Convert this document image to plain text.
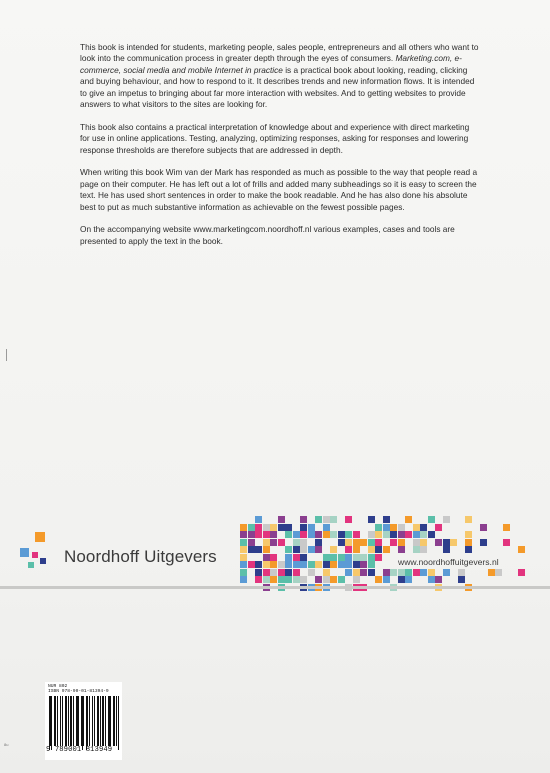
This book is intended for students, marketing people, sales people, entrepreneurs and all others who want to look into the communication process in greater depth through the eyes of consumers. Marketing.com, e-commerce, social media and mobile Internet in practice is a practical book about looking, reading, clicking and buying behaviour, and how to respond to it. It describes trends and new information flows. It is intended to give an impetus to bringing about far more interaction with websites. And to getting websites to provide answers to what visitors to the sites are looking for.

This book also contains a practical interpretation of knowledge about and experience with direct marketing for use in online applications. Testing, analyzing, optimizing responses, asking for responses and lowering response thresholds are therefore subjects that are addressed in depth.

When writing this book Wim van der Mark has responded as much as possible to the way that people read a page on their computer. He has left out a lot of frills and added many subheadings so it is easy to screen the text. He has used short sentences in order to make the book readable. And he has also done his absolute best to put as much substantive information as achievable on the fewest possible pages.

On the accompanying website www.marketingcom.noordhoff.nl various examples, cases and tools are presented to apply the text in the book.

Noordhoff Uitgevers	www.noordhoffuitgevers.nl
NUR 802
ISBN 978-90-01-81394-9
9 789001 813949
8u
